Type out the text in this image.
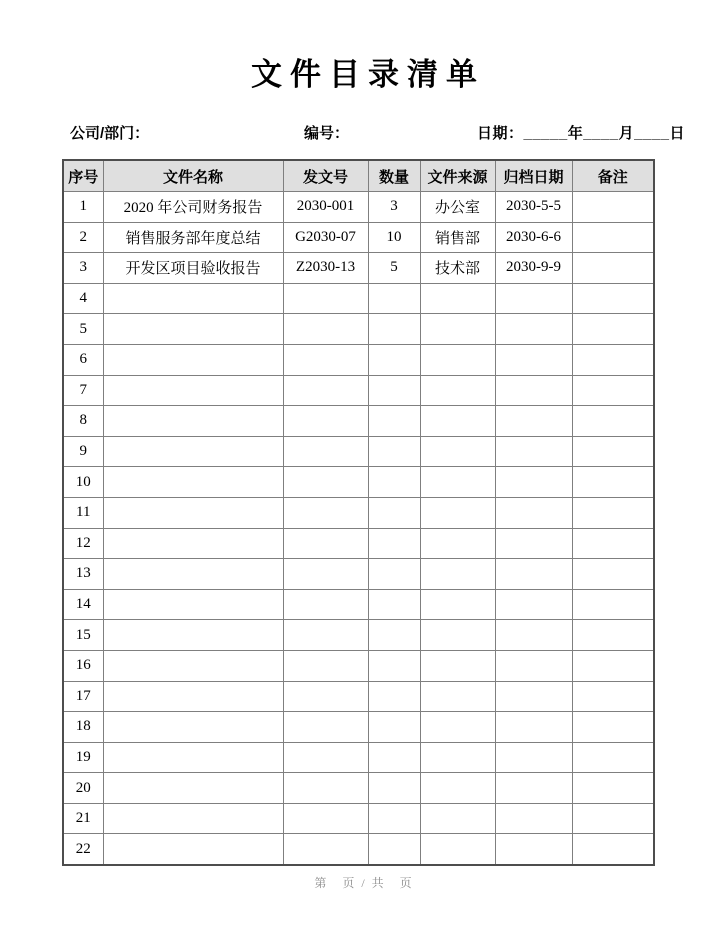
文件目录清单
公司/部门：	编号：	日期：_____年____月____日
序号	文件名称	发文号	数量	文件来源	归档日期	备注
1	2020 年公司财务报告	2030-001	3	办公室	2030-5-5	
2	销售服务部年度总结	G2030-07	10	销售部	2030-6-6	
3	开发区项目验收报告	Z2030-13	5	技术部	2030-9-9	
4						
5						
6						
7						
8						
9						
10						
11						
12						
13						
14						
15						
16						
17						
18						
19						
20						
21						
22						
第　页 / 共　页
